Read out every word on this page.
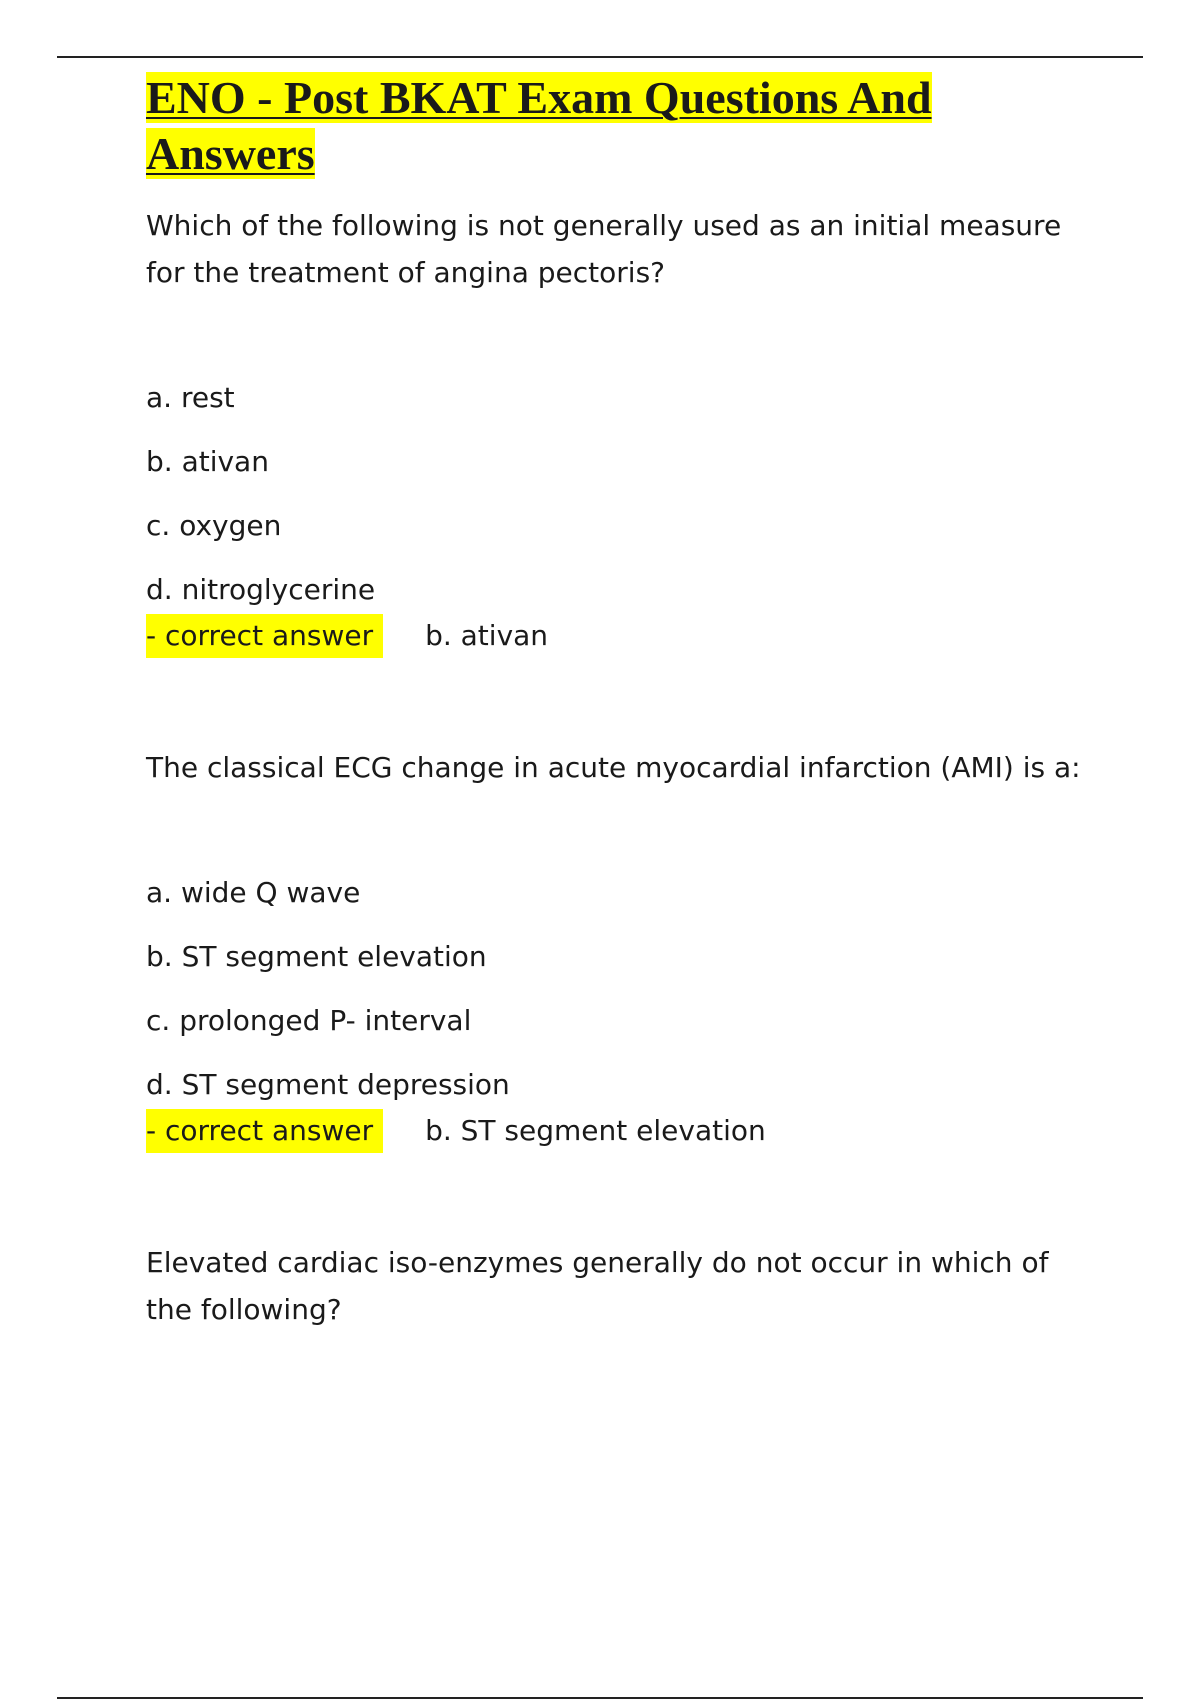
ENO - Post BKAT Exam Questions And
Answers

Which of the following is not generally used as an initial measure for the treatment of angina pectoris?

a. rest

b. ativan

c. oxygen

d. nitroglycerine

- correct answer	b. ativan

The classical ECG change in acute myocardial infarction (AMI) is a:

a. wide Q wave

b. ST segment elevation

c. prolonged P- interval

d. ST segment depression

- correct answer	b. ST segment elevation

Elevated cardiac iso-enzymes generally do not occur in which of the following?
